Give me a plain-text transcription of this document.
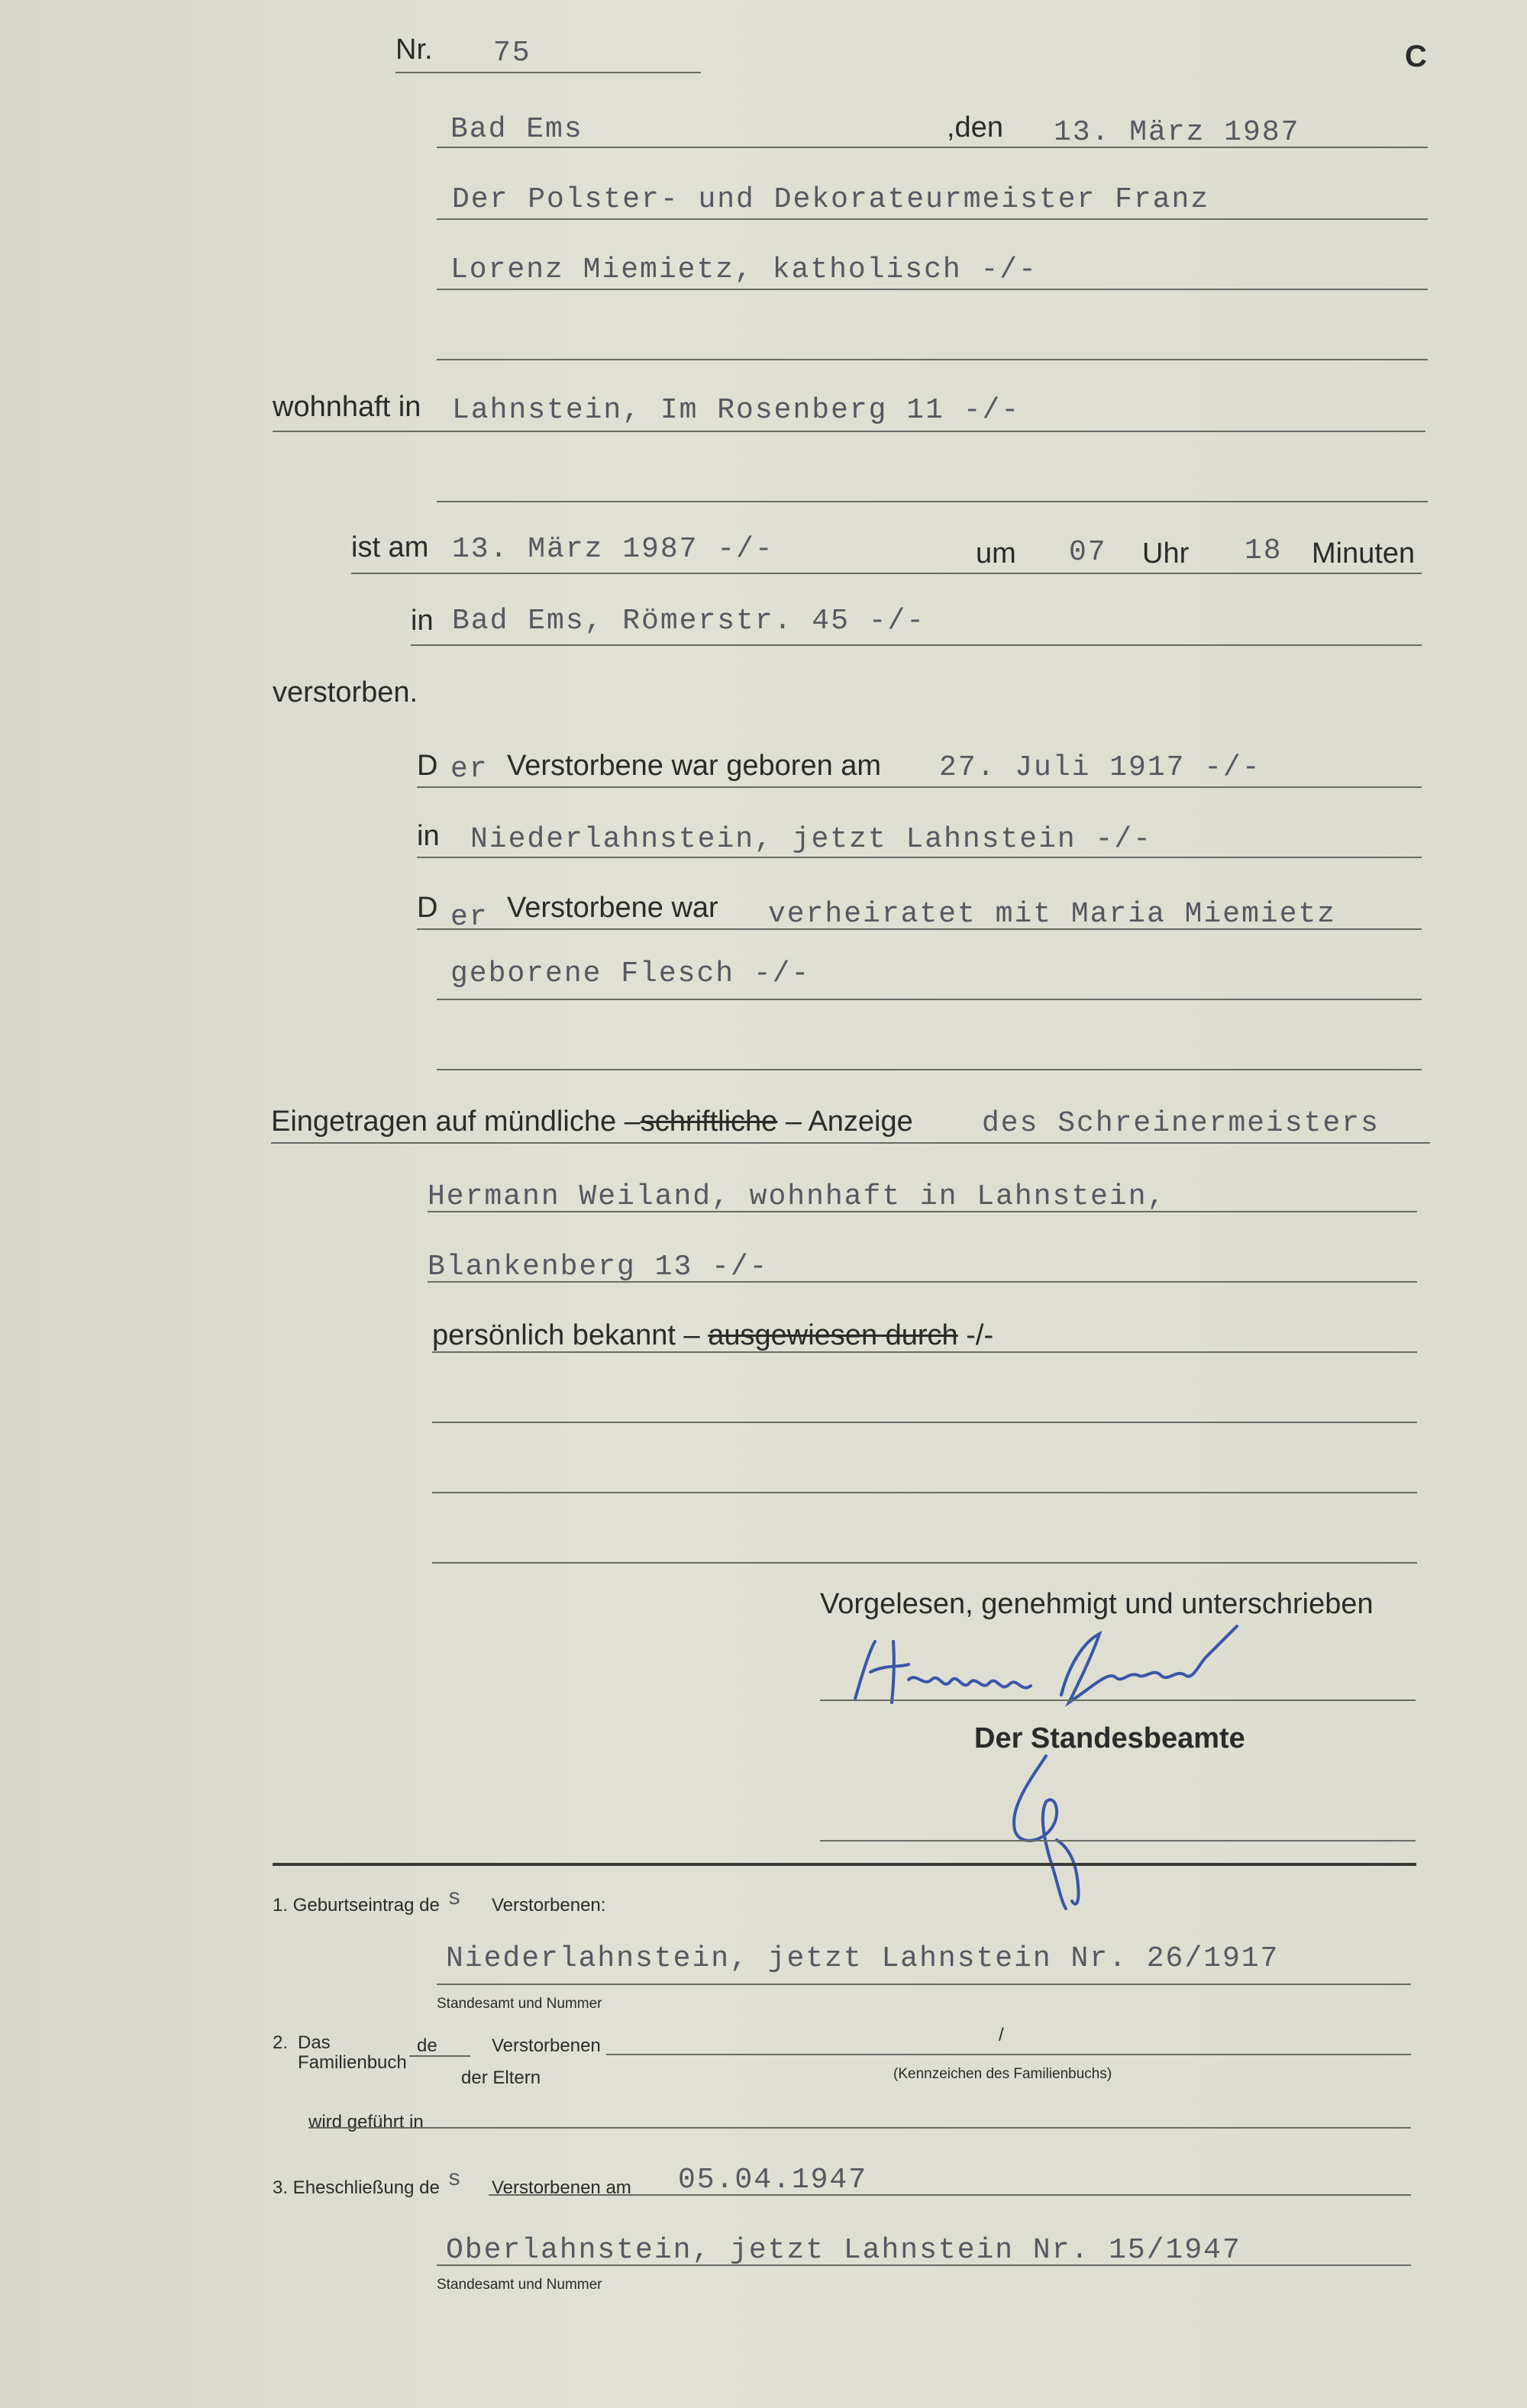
Nr. 75	C
Bad Ems	,den 13. März 1987
Der Polster- und Dekorateurmeister Franz
Lorenz Miemietz, katholisch -/-
wohnhaft in Lahnstein, Im Rosenberg 11 -/-
ist am 13. März 1987 -/-	um 07 Uhr 18 Minuten
in Bad Ems, Römerstr. 45 -/-
verstorben.
D er Verstorbene war geboren am 27. Juli 1917 -/-
in Niederlahnstein, jetzt Lahnstein -/-
D er Verstorbene war verheiratet mit Maria Miemietz
geborene Flesch -/-
Eingetragen auf mündliche –schriftliche – Anzeige des Schreinermeisters
Hermann Weiland, wohnhaft in Lahnstein,
Blankenberg 13 -/-
persönlich bekannt – ausgewiesen durch -/-
Vorgelesen, genehmigt und unterschrieben
Der Standesbeamte
1. Geburtseintrag de s Verstorbenen:
Niederlahnstein, jetzt Lahnstein Nr. 26/1917
Standesamt und Nummer
2. Das
Familienbuch
de	Verstorbenen
der Eltern
/
(Kennzeichen des Familienbuchs)
wird geführt in
3. Eheschließung de s Verstorbenen am 05.04.1947
Oberlahnstein, jetzt Lahnstein Nr. 15/1947
Standesamt und Nummer
